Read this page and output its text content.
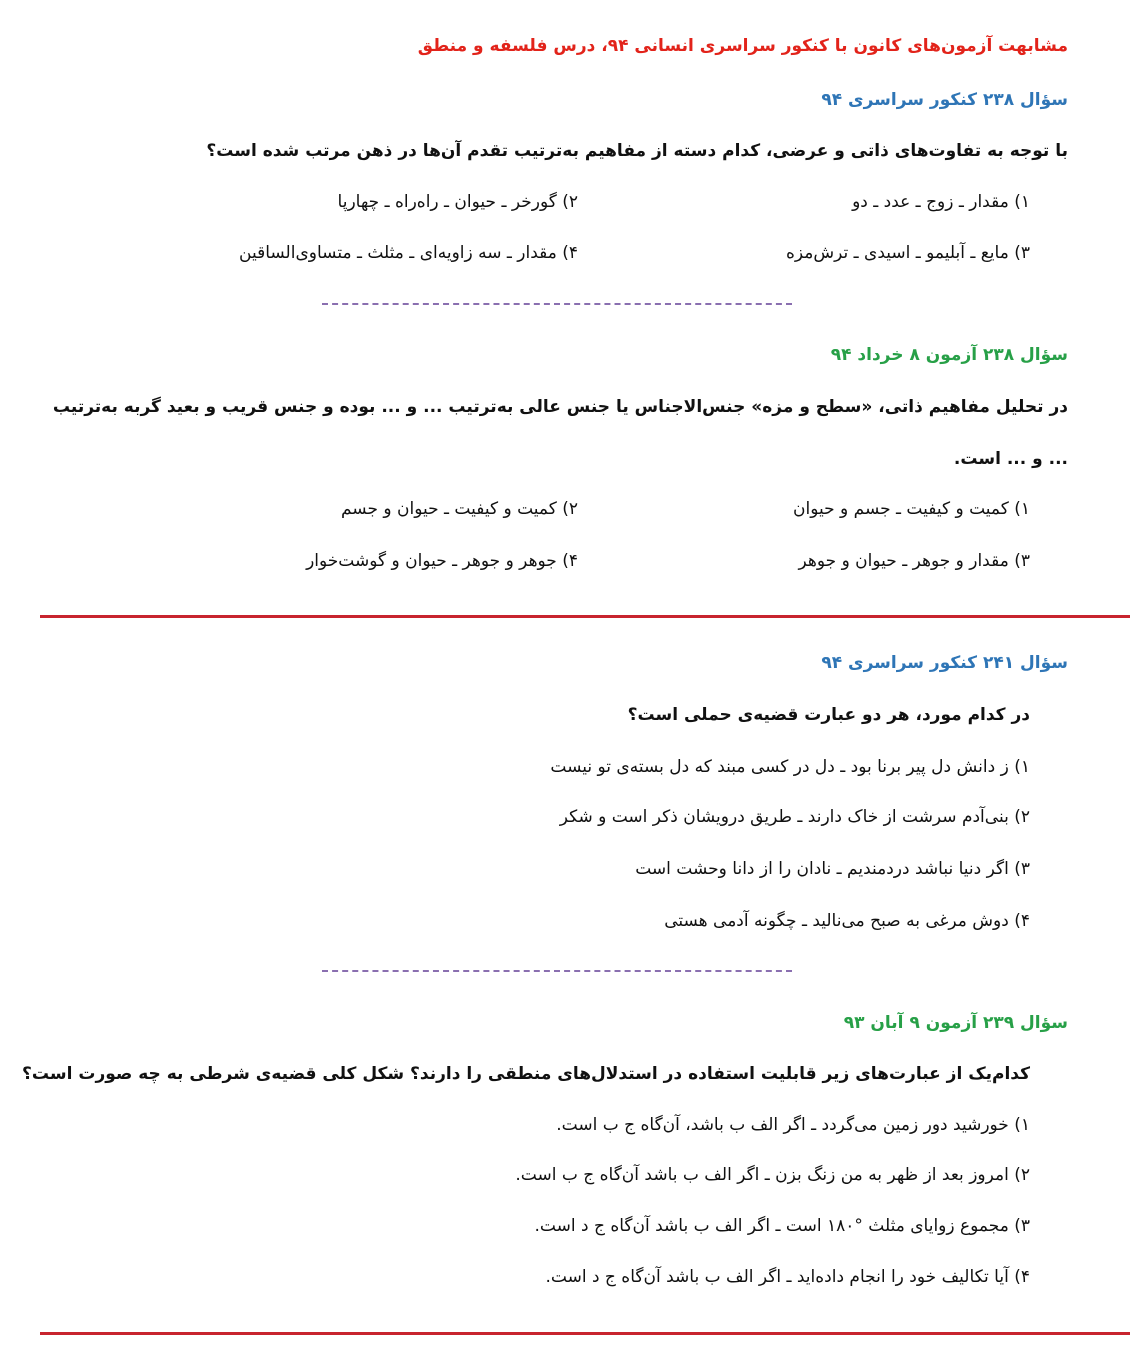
مشابهت آزمون‌های کانون با کنکور سراسری انسانی ۹۴، درس فلسفه و منطق
سؤال ۲۳۸ کنکور سراسری ۹۴
با توجه به تفاوت‌های ذاتی و عرضی، کدام دسته از مفاهیم به‌ترتیب تقدم آن‌ها در ذهن مرتب شده است؟
۱) مقدار ـ زوج ـ عدد ـ دو
۲) گورخر ـ حیوان ـ راه‌راه ـ چهارپا
۳) مایع ـ آبلیمو ـ اسیدی ـ ترش‌مزه
۴) مقدار ـ سه زاویه‌ای ـ مثلث ـ متساوی‌الساقین
سؤال ۲۳۸ آزمون ۸ خرداد ۹۴
در تحلیل مفاهیم ذاتی، «سطح و مزه» جنس‌الاجناس یا جنس عالی به‌ترتیب ... و ... بوده و جنس قریب و بعید گربه به‌ترتیب
... و ... است.
۱) کمیت و کیفیت ـ جسم و حیوان
۲) کمیت و کیفیت ـ حیوان و جسم
۳) مقدار و جوهر ـ حیوان و جوهر
۴) جوهر و جوهر ـ حیوان و گوشت‌خوار
سؤال ۲۴۱ کنکور سراسری ۹۴
در کدام مورد، هر دو عبارت قضیه‌ی حملی است؟
۱) ز دانش دل پیر برنا بود ـ دل در کسی مبند که دل بسته‌ی تو نیست
۲) بنی‌آدم سرشت از خاک دارند ـ طریق درویشان ذکر است و شکر
۳) اگر دنیا نباشد دردمندیم ـ نادان را از دانا وحشت است
۴) دوش مرغی به صبح می‌نالید ـ چگونه آدمی هستی
سؤال ۲۳۹ آزمون ۹ آبان ۹۳
کدام‌یک از عبارت‌های زیر قابلیت استفاده در استدلال‌های منطقی را دارند؟ شکل کلی قضیه‌ی شرطی به چه صورت است؟
۱) خورشید دور زمین می‌گردد ـ اگر الف ب باشد، آن‌گاه ج ب است.
۲) امروز بعد از ظهر به من زنگ بزن ـ اگر الف ب باشد آن‌گاه ج ب است.
۳) مجموع زوایای مثلث °۱۸۰ است ـ اگر الف ب باشد آن‌گاه ج د است.
۴) آیا تکالیف خود را انجام داده‌اید ـ اگر الف ب باشد آن‌گاه ج د است.
